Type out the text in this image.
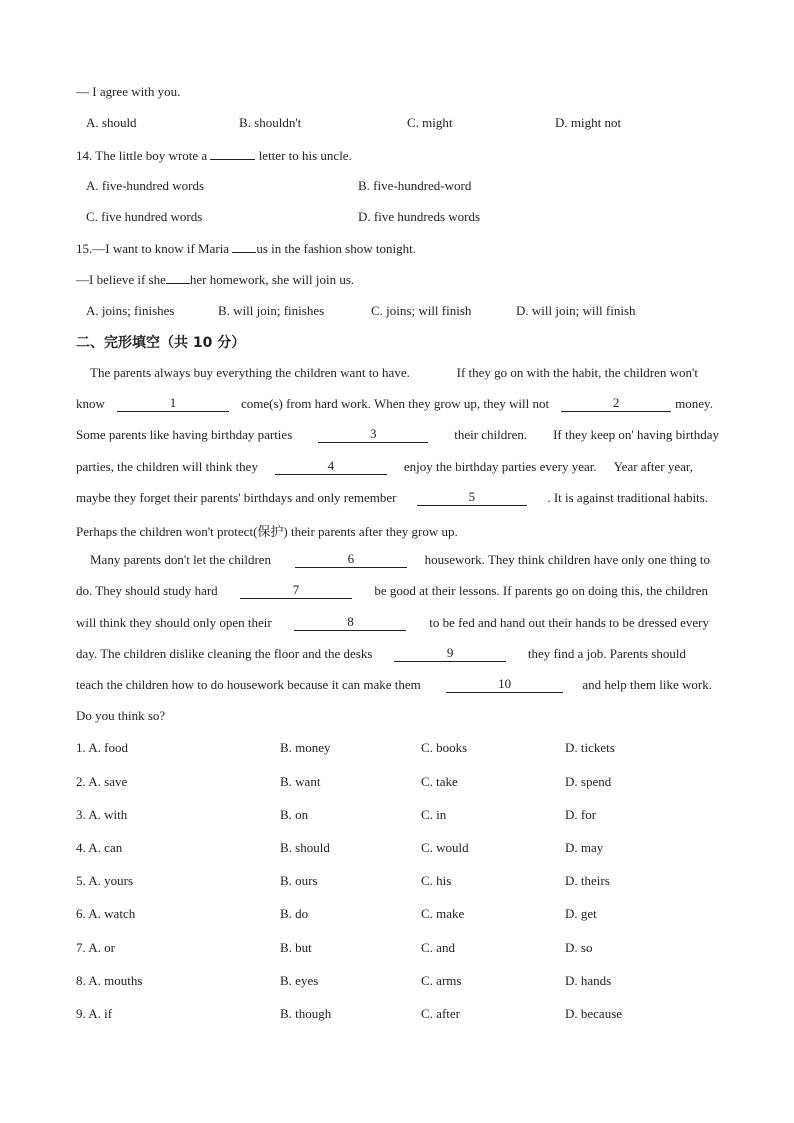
— I agree with you.
A. should	B. shouldn't	C. might	D. might not
14. The little boy wrote a	letter to his uncle.
A. five-hundred words	B. five-hundred-word
C. five hundred words	D. five hundreds words
15.—I want to know if Maria us in the fashion show tonight.
—I believe if she her homework, she will join us.
A. joins; finishes	B. will join; finishes	C. joins; will finish	D. will join; will finish
二、完形填空（共 10 分）
The parents always buy everything the children want to have.	If they go on with the habit, the children won't
know	1	come(s) from hard work. When they grow up, they will not	2	money.
Some parents like having birthday parties	3	their children. If they keep on' having birthday
parties, the children will think they	4	enjoy the birthday parties every year. Year after year,
maybe they forget their parents' birthdays and only remember	5	. It is against traditional habits.
Perhaps the children won't protect(保护) their parents after they grow up.
Many parents don't let the children	6	housework. They think children have only one thing to
do. They should study hard	7	be good at their lessons. If parents go on doing this, the children
will think they should only open their	8	to be fed and hand out their hands to be dressed every
day. The children dislike cleaning the floor and the desks	9	they find a job. Parents should
teach the children how to do housework because it can make them	10	and help them like work.
Do you think so?
1. A. food	B. money	C. books	D. tickets
2. A. save	B. want	C. take	D. spend
3. A. with	B. on	C. in	D. for
4. A. can	B. should	C. would	D. may
5. A. yours	B. ours	C. his	D. theirs
6. A. watch	B. do	C. make	D. get
7. A. or	B. but	C. and	D. so
8. A. mouths	B. eyes	C. arms	D. hands
9. A. if	B. though	C. after	D. because
